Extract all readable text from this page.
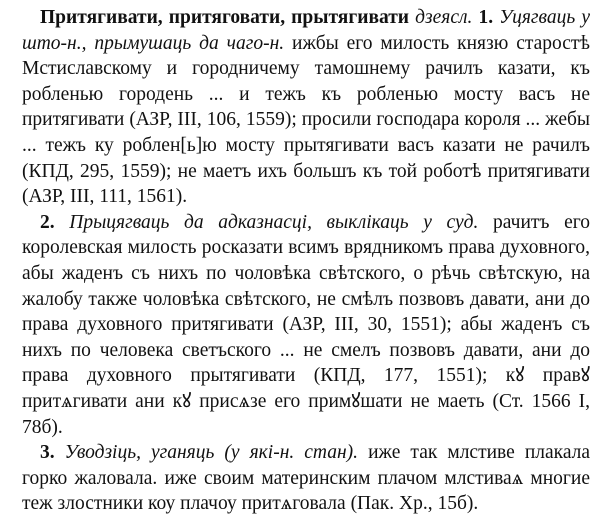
Притягивати, притяговати, прытягивати дзеясл. 1. Уцягваць у што-н., прымушаць да чаго-н. ижбы его милость князю старостѣ Мстиславскому и городничему тамошнему рачилъ казати, къ робленью городень ... и тежъ къ робленью мосту васъ не притягивати (АЗР, III, 106, 1559); просили господара короля ... жебы ... тежъ ку роблен[ь]ю мосту прытягивати васъ казати не рачилъ (КПД, 295, 1559); не маетъ ихъ большъ къ той роботѣ притягивати (АЗР, III, 111, 1561).

2. Прыцягваць да адказнасці, выклікаць у суд. рачитъ его королевская милость росказати всимъ врядникомъ права духовного, абы жаденъ съ нихъ по чоловѣка свѣтского, о рѣчь свѣтскую, на жалобу также чоловѣка свѣтского, не смѣлъ позвовъ давати, ани до права духовного притягивати (АЗР, III, 30, 1551); абы жаденъ съ нихъ по человека светъского ... не смелъ позвовъ давати, ани до права духовного прытягивати (КПД, 177, 1551); кꙋ правꙋ притѧгивати ани кꙋ присѧзе его примꙋшати не маеть (Ст. 1566 I, 78б).

3. Уводзіць, уганяць (у які-н. стан). иже так млстиве плакала горко жаловала. иже своим материнским плачом млстиваѧ многие теж злостники коу плачоу притѧговала (Пак. Хр., 15б).
